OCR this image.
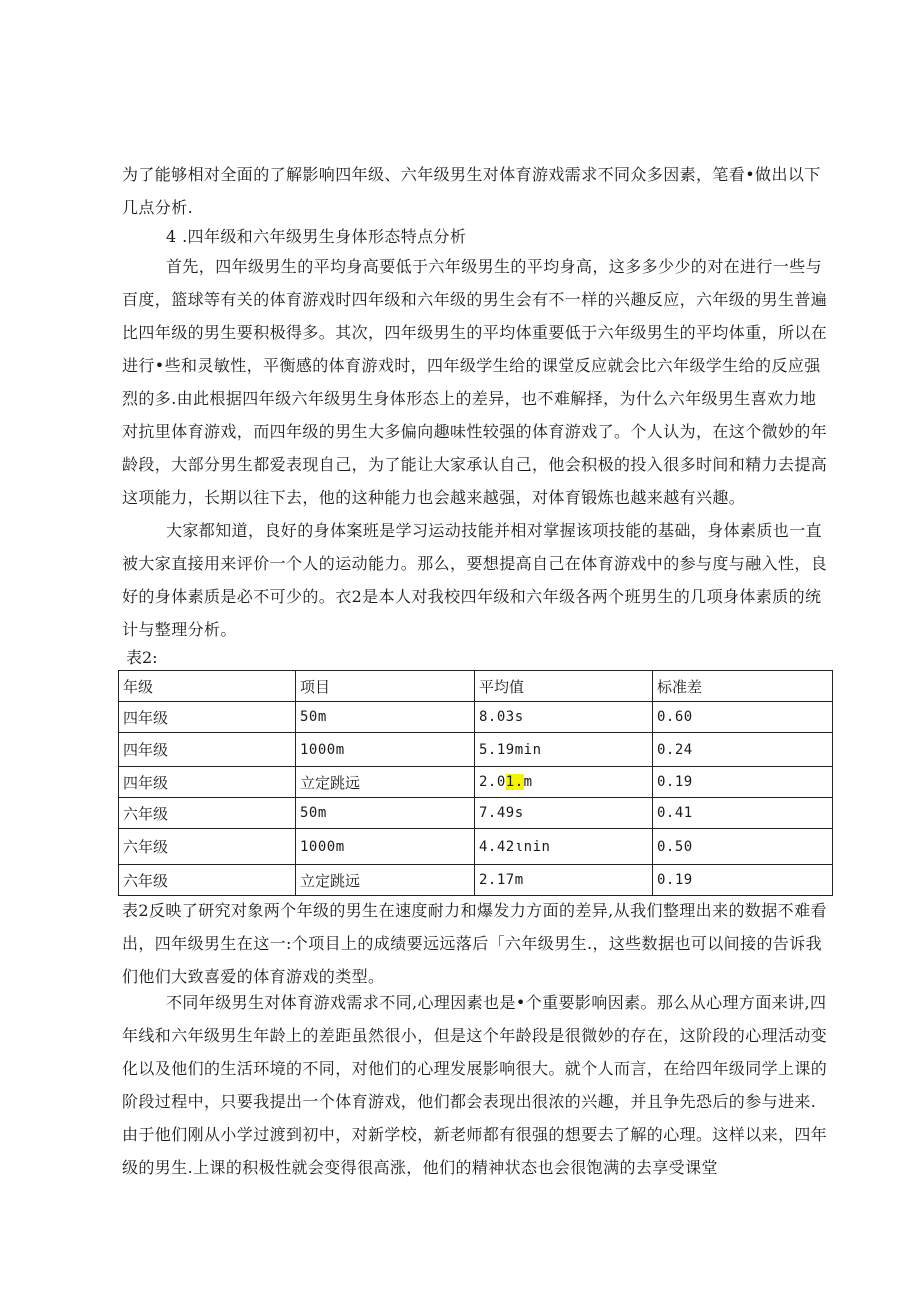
为了能够相对全面的了解影响四年级、六年级男生对体育游戏需求不同众多因素，笔看•做出以下几点分析.

4 .四年级和六年级男生身体形态特点分析

首先，四年级男生的平均身高要低于六年级男生的平均身高，这多多少少的对在进行一些与百度，篮球等有关的体育游戏时四年级和六年级的男生会有不一样的兴趣反应，六年级的男生普遍比四年级的男生要积极得多。其次，四年级男生的平均体重要低于六年级男生的平均体重，所以在进行•些和灵敏性，平衡感的体育游戏时，四年级学生给的课堂反应就会比六年级学生给的反应强烈的多.由此根据四年级六年级男生身体形态上的差异，也不难解择，为什么六年级男生喜欢力地对抗里体育游戏，而四年级的男生大多偏向趣味性较强的体育游戏了。个人认为，在这个微妙的年龄段，大部分男生都爱表现自己，为了能让大家承认自己，他会积极的投入很多时间和精力去提高这项能力，长期以往下去，他的这种能力也会越来越强，对体育锻炼也越来越有兴趣。

大家都知道，良好的身体案班是学习运动技能并相对掌握该项技能的基础，身体素质也一直被大家直接用来评价一个人的运动能力。那么，要想提高自己在体育游戏中的参与度与融入性，良好的身体素质是必不可少的。衣2是本人对我校四年级和六年级各两个班男生的几项身体素质的统计与整理分析。

表2:
年级	项目	平均值	标准差
四年级	50m	8.03s	0.60
四年级	1000m	5.19min	0.24
四年级	立定跳远	2.01.m	0.19
六年级	50m	7.49s	0.41
六年级	1000m	4.42ιnin	0.50
六年级	立定跳远	2.17m	0.19

表2反映了研究对象两个年级的男生在速度耐力和爆发力方面的差异,从我们整理出来的数据不难看出，四年级男生在这一:个项目上的成绩要远远落后「六年级男生.，这些数据也可以间接的告诉我们他们大致喜爱的体育游戏的类型。

不同年级男生对体育游戏需求不同,心理因素也是•个重要影响因素。那么从心理方面来讲,四年线和六年级男生年龄上的差距虽然很小，但是这个年龄段是很微妙的存在，这阶段的心理活动变化以及他们的生活环境的不同，对他们的心理发展影响很大。就个人而言，在给四年级同学上课的阶段过程中，只要我提出一个体育游戏，他们都会表现出很浓的兴趣，并且争先恐后的参与进来.由于他们刚从小学过渡到初中，对新学校，新老师都有很强的想要去了解的心理。这样以来，四年级的男生.上课的积极性就会变得很高涨，他们的精神状态也会很饱满的去享受课堂
